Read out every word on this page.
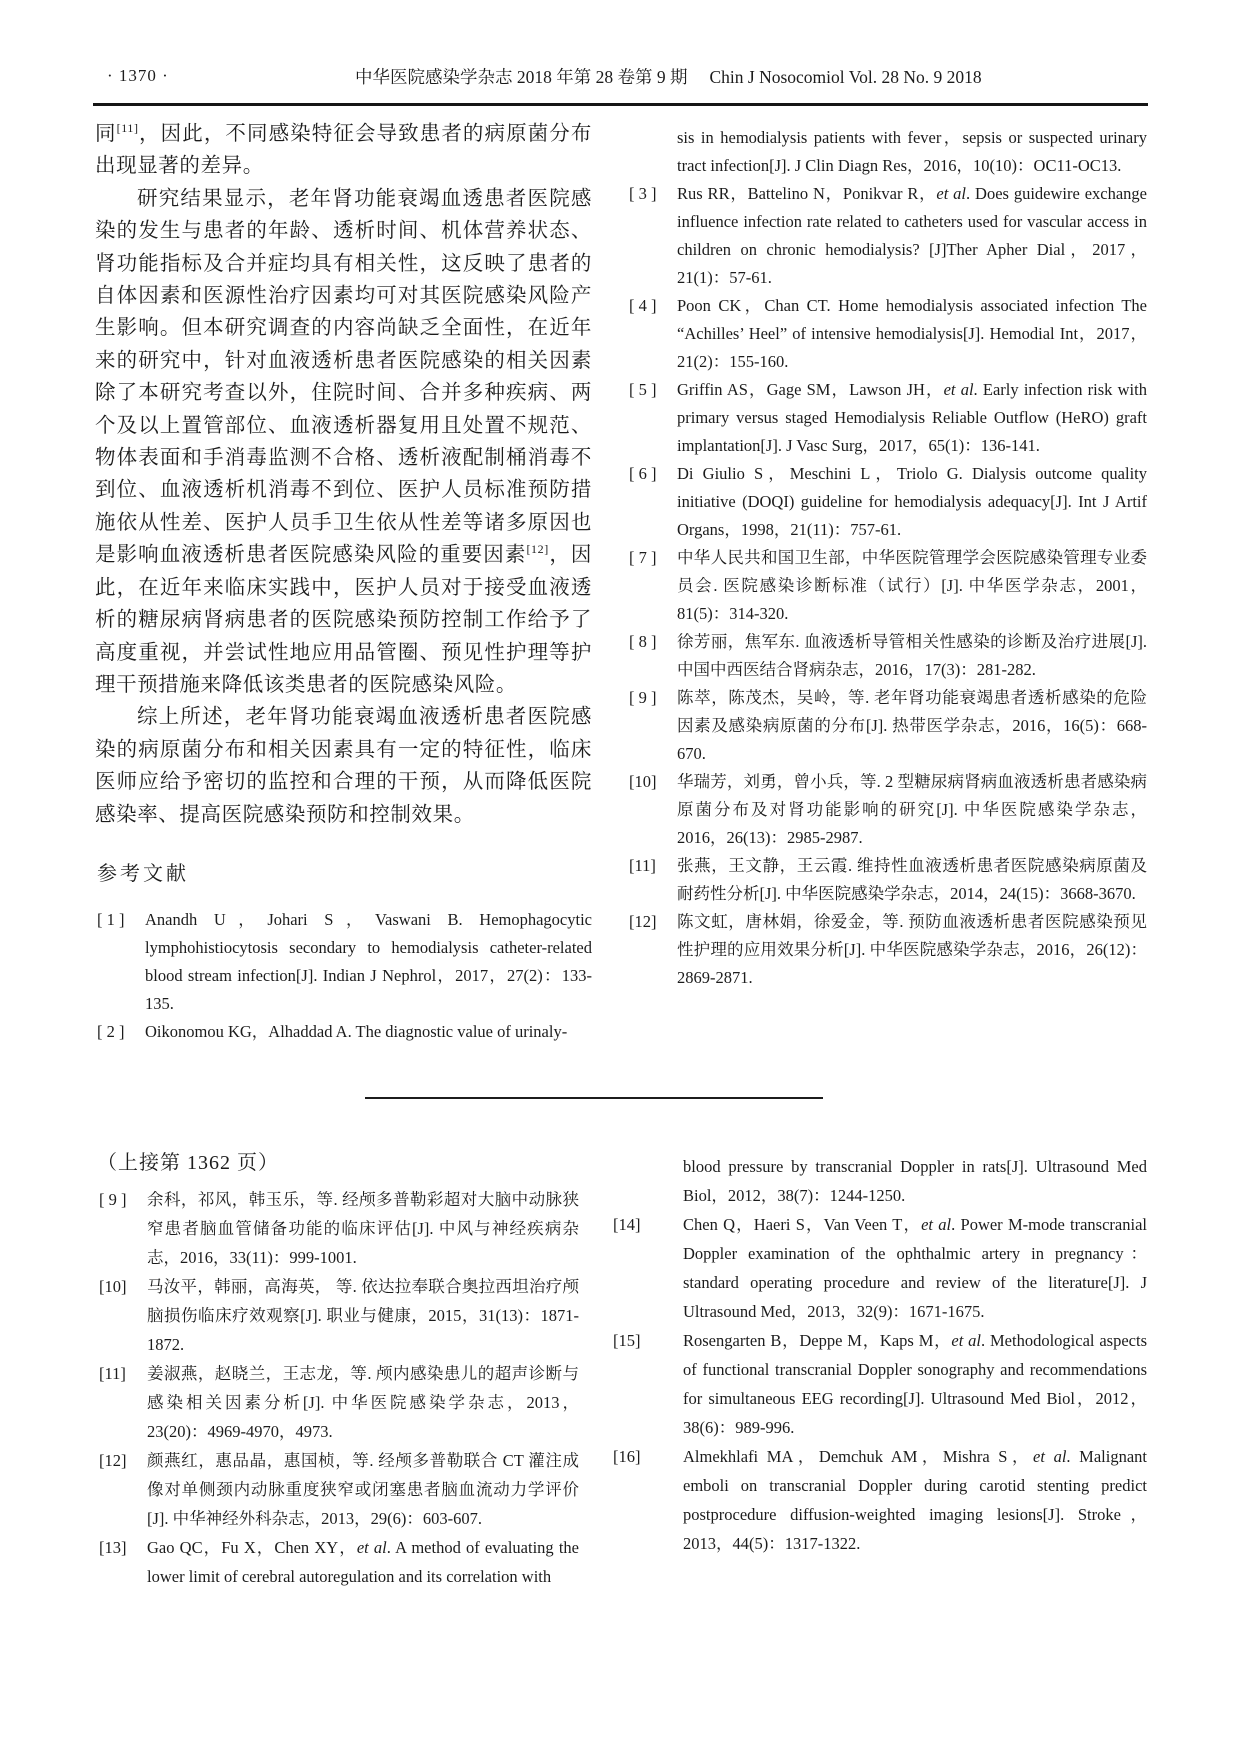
· 1370 ·	中华医院感染学杂志 2018 年第 28 卷第 9 期 Chin J Nosocomiol Vol. 28 No. 9 2018

同[11]，因此，不同感染特征会导致患者的病原菌分布出现显著的差异。

研究结果显示，老年肾功能衰竭血透患者医院感染的发生与患者的年龄、透析时间、机体营养状态、肾功能指标及合并症均具有相关性，这反映了患者的自体因素和医源性治疗因素均可对其医院感染风险产生影响。但本研究调查的内容尚缺乏全面性，在近年来的研究中，针对血液透析患者医院感染的相关因素除了本研究考查以外，住院时间、合并多种疾病、两个及以上置管部位、血液透析器复用且处置不规范、物体表面和手消毒监测不合格、透析液配制桶消毒不到位、血液透析机消毒不到位、医护人员标准预防措施依从性差、医护人员手卫生依从性差等诸多原因也是影响血液透析患者医院感染风险的重要因素[12]，因此，在近年来临床实践中，医护人员对于接受血液透析的糖尿病肾病患者的医院感染预防控制工作给予了高度重视，并尝试性地应用品管圈、预见性护理等护理干预措施来降低该类患者的医院感染风险。

综上所述，老年肾功能衰竭血液透析患者医院感染的病原菌分布和相关因素具有一定的特征性，临床医师应给予密切的监控和合理的干预，从而降低医院感染率、提高医院感染预防和控制效果。

参考文献
[ 1 ] Anandh U，Johari S，Vaswani B. Hemophagocytic lymphohistiocytosis secondary to hemodialysis catheter-related blood stream infection[J]. Indian J Nephrol，2017，27(2)：133-135.
[ 2 ] Oikonomou KG，Alhaddad A. The diagnostic value of urinaly-
sis in hemodialysis patients with fever，sepsis or suspected urinary tract infection[J]. J Clin Diagn Res，2016，10(10)：OC11-OC13.
[ 3 ] Rus RR，Battelino N，Ponikvar R，et al. Does guidewire exchange influence infection rate related to catheters used for vascular access in children on chronic hemodialysis? [J]Ther Apher Dial，2017，21(1)：57-61.
[ 4 ] Poon CK，Chan CT. Home hemodialysis associated infection The “Achilles’ Heel” of intensive hemodialysis[J]. Hemodial Int，2017，21(2)：155-160.
[ 5 ] Griffin AS，Gage SM，Lawson JH，et al. Early infection risk with primary versus staged Hemodialysis Reliable Outflow (HeRO) graft implantation[J]. J Vasc Surg，2017，65(1)：136-141.
[ 6 ] Di Giulio S，Meschini L，Triolo G. Dialysis outcome quality initiative (DOQI) guideline for hemodialysis adequacy[J]. Int J Artif Organs，1998，21(11)：757-61.
[ 7 ] 中华人民共和国卫生部，中华医院管理学会医院感染管理专业委员会. 医院感染诊断标准（试行）[J]. 中华医学杂志，2001，81(5)：314-320.
[ 8 ] 徐芳丽，焦军东. 血液透析导管相关性感染的诊断及治疗进展[J]. 中国中西医结合肾病杂志，2016，17(3)：281-282.
[ 9 ] 陈萃，陈茂杰，吴岭，等. 老年肾功能衰竭患者透析感染的危险因素及感染病原菌的分布[J]. 热带医学杂志，2016，16(5)：668-670.
[10] 华瑞芳，刘勇，曾小兵，等. 2 型糖尿病肾病血液透析患者感染病原菌分布及对肾功能影响的研究[J]. 中华医院感染学杂志，2016，26(13)：2985-2987.
[11] 张燕，王文静，王云霞. 维持性血液透析患者医院感染病原菌及耐药性分析[J]. 中华医院感染学杂志，2014，24(15)：3668-3670.
[12] 陈文虹，唐林娟，徐爱金，等. 预防血液透析患者医院感染预见性护理的应用效果分析[J]. 中华医院感染学杂志，2016，26(12)：2869-2871.

（上接第 1362 页）

[ 9 ] 余科，祁风，韩玉乐，等. 经颅多普勒彩超对大脑中动脉狭窄患者脑血管储备功能的临床评估[J]. 中风与神经疾病杂志，2016，33(11)：999-1001.
[10] 马汝平，韩丽，高海英， 等. 依达拉奉联合奥拉西坦治疗颅脑损伤临床疗效观察[J]. 职业与健康，2015，31(13)：1871-1872.
[11] 姜淑燕，赵晓兰，王志龙，等. 颅内感染患儿的超声诊断与感染相关因素分析[J]. 中华医院感染学杂志，2013，23(20)：4969-4970，4973.
[12] 颜燕红，惠品晶，惠国桢，等. 经颅多普勒联合 CT 灌注成像对单侧颈内动脉重度狭窄或闭塞患者脑血流动力学评价[J]. 中华神经外科杂志，2013，29(6)：603-607.
[13] Gao QC，Fu X，Chen XY，et al. A method of evaluating the lower limit of cerebral autoregulation and its correlation with
blood pressure by transcranial Doppler in rats[J]. Ultrasound Med Biol，2012，38(7)：1244-1250.
[14]	Chen Q，Haeri S，Van Veen T，et al. Power M-mode transcranial Doppler examination of the ophthalmic artery in pregnancy：standard operating procedure and review of the literature[J]. J Ultrasound Med，2013，32(9)：1671-1675.
[15]	Rosengarten B，Deppe M，Kaps M，et al. Methodological aspects of functional transcranial Doppler sonography and recommendations for simultaneous EEG recording[J]. Ultrasound Med Biol，2012，38(6)：989-996.
[16]	Almekhlafi MA，Demchuk AM，Mishra S，et al. Malignant emboli on transcranial Doppler during carotid stenting predict postprocedure diffusion-weighted imaging lesions[J]. Stroke，2013，44(5)：1317-1322.
